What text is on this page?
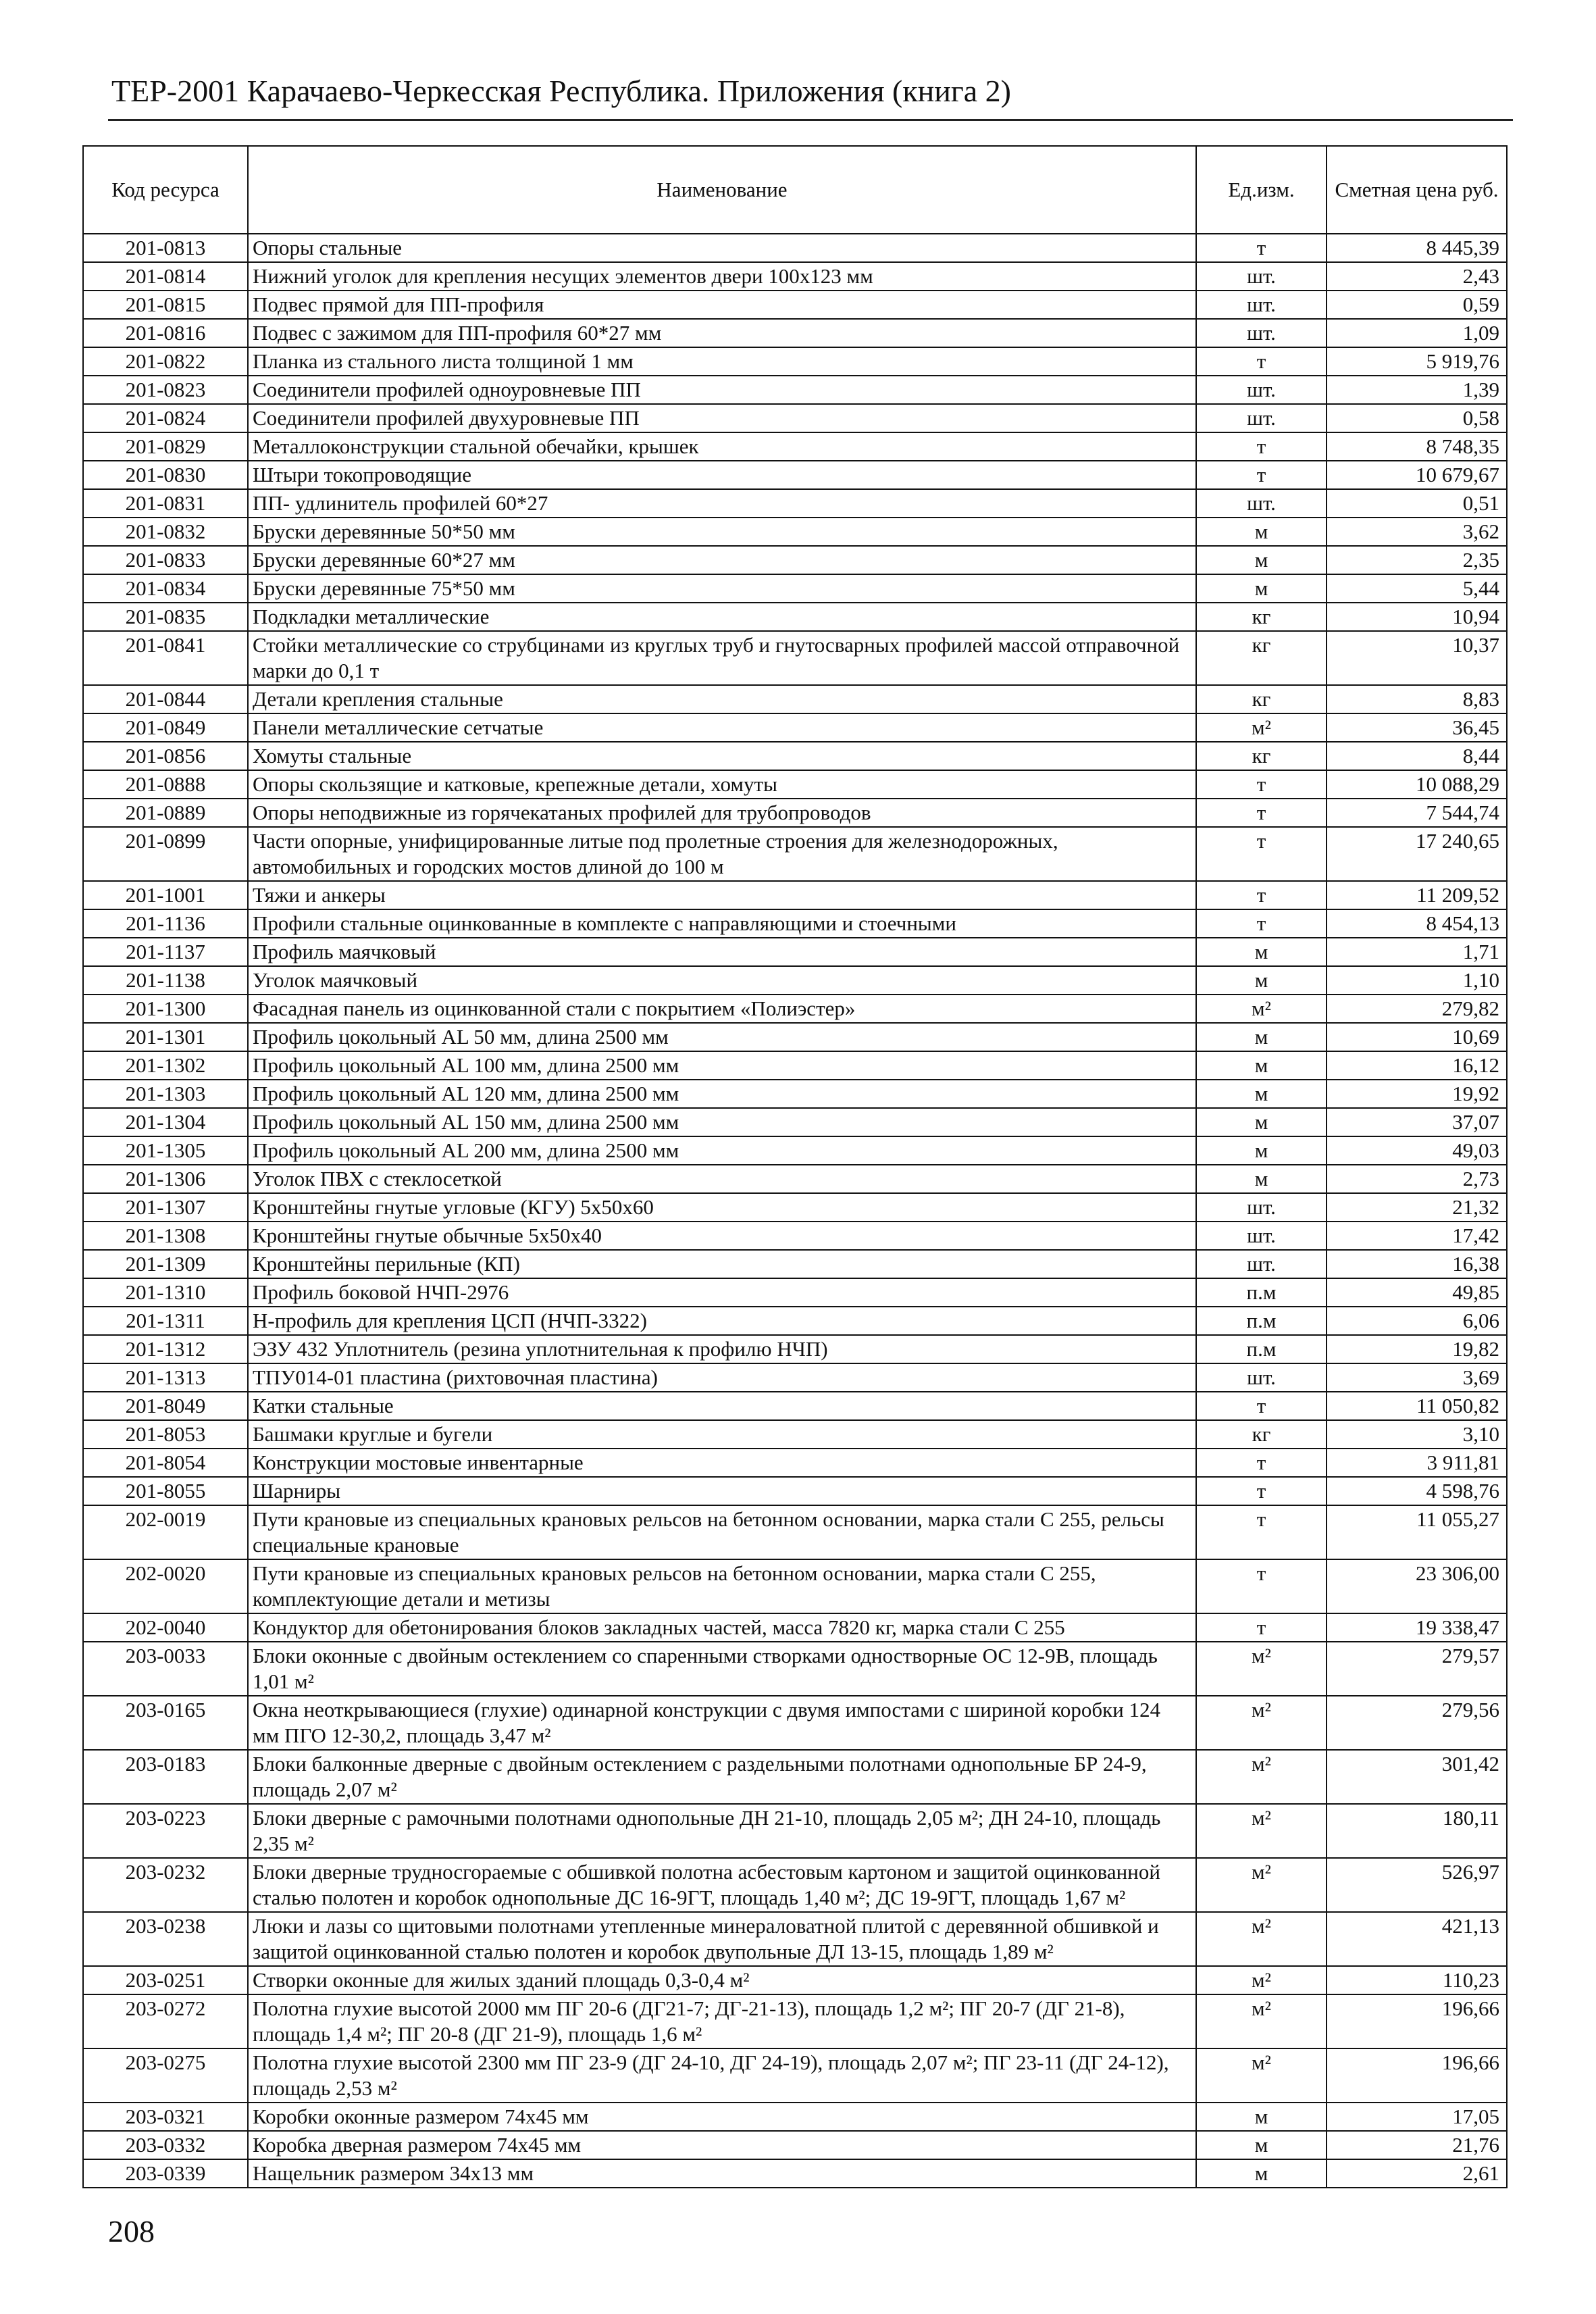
ТЕР-2001 Карачаево-Черкесская Республика. Приложения (книга 2)
Код ресурса	Наименование	Ед.изм.	Сметная цена руб.
201-0813	Опоры стальные	т	8 445,39
201-0814	Нижний уголок для крепления несущих элементов двери 100x123 мм	шт.	2,43
201-0815	Подвес прямой для ПП-профиля	шт.	0,59
201-0816	Подвес с зажимом для ПП-профиля 60*27 мм	шт.	1,09
201-0822	Планка из стального листа толщиной 1 мм	т	5 919,76
201-0823	Соединители профилей одноуровневые ПП	шт.	1,39
201-0824	Соединители профилей двухуровневые ПП	шт.	0,58
201-0829	Металлоконструкции стальной обечайки, крышек	т	8 748,35
201-0830	Штыри токопроводящие	т	10 679,67
201-0831	ПП- удлинитель профилей 60*27	шт.	0,51
201-0832	Бруски деревянные 50*50 мм	м	3,62
201-0833	Бруски деревянные 60*27 мм	м	2,35
201-0834	Бруски деревянные 75*50 мм	м	5,44
201-0835	Подкладки металлические	кг	10,94
201-0841	Стойки металлические со струбцинами из круглых труб и гнутосварных профилей массой отправочной марки до 0,1 т	кг	10,37
201-0844	Детали крепления стальные	кг	8,83
201-0849	Панели металлические сетчатые	м²	36,45
201-0856	Хомуты стальные	кг	8,44
201-0888	Опоры скользящие и катковые, крепежные детали, хомуты	т	10 088,29
201-0889	Опоры неподвижные из горячекатаных профилей для трубопроводов	т	7 544,74
201-0899	Части опорные, унифицированные литые под пролетные строения для железнодорожных, автомобильных и городских мостов длиной до 100 м	т	17 240,65
201-1001	Тяжи и анкеры	т	11 209,52
201-1136	Профили стальные оцинкованные в комплекте с направляющими и стоечными	т	8 454,13
201-1137	Профиль маячковый	м	1,71
201-1138	Уголок маячковый	м	1,10
201-1300	Фасадная панель из оцинкованной стали с покрытием «Полиэстер»	м²	279,82
201-1301	Профиль цокольный AL 50 мм, длина 2500 мм	м	10,69
201-1302	Профиль цокольный AL 100 мм, длина 2500 мм	м	16,12
201-1303	Профиль цокольный AL 120 мм, длина 2500 мм	м	19,92
201-1304	Профиль цокольный AL 150 мм, длина 2500 мм	м	37,07
201-1305	Профиль цокольный AL 200 мм, длина 2500 мм	м	49,03
201-1306	Уголок ПВХ с стеклосеткой	м	2,73
201-1307	Кронштейны гнутые угловые (КГУ) 5x50x60	шт.	21,32
201-1308	Кронштейны гнутые обычные 5x50x40	шт.	17,42
201-1309	Кронштейны перильные (КП)	шт.	16,38
201-1310	Профиль боковой НЧП-2976	п.м	49,85
201-1311	Н-профиль для крепления ЦСП (НЧП-3322)	п.м	6,06
201-1312	ЭЗУ 432 Уплотнитель (резина уплотнительная к профилю НЧП)	п.м	19,82
201-1313	ТПУ014-01 пластина (рихтовочная пластина)	шт.	3,69
201-8049	Катки стальные	т	11 050,82
201-8053	Башмаки круглые и бугели	кг	3,10
201-8054	Конструкции мостовые инвентарные	т	3 911,81
201-8055	Шарниры	т	4 598,76
202-0019	Пути крановые из специальных крановых рельсов на бетонном основании, марка стали С 255, рельсы специальные крановые	т	11 055,27
202-0020	Пути крановые из специальных крановых рельсов на бетонном основании, марка стали С 255, комплектующие детали и метизы	т	23 306,00
202-0040	Кондуктор для обетонирования блоков закладных частей, масса 7820 кг, марка стали С 255	т	19 338,47
203-0033	Блоки оконные с двойным остеклением со спаренными створками одностворные ОС 12-9В, площадь 1,01 м²	м²	279,57
203-0165	Окна неоткрывающиеся (глухие) одинарной конструкции с двумя импостами с шириной коробки 124 мм ПГО 12-30,2, площадь 3,47 м²	м²	279,56
203-0183	Блоки балконные дверные с двойным остеклением с раздельными полотнами однопольные БР 24-9, площадь 2,07 м²	м²	301,42
203-0223	Блоки дверные с рамочными полотнами однопольные ДН 21-10, площадь 2,05 м²; ДН 24-10, площадь 2,35 м²	м²	180,11
203-0232	Блоки дверные трудносгораемые с обшивкой полотна асбестовым картоном и защитой оцинкованной сталью полотен и коробок однопольные ДС 16-9ГТ, площадь 1,40 м²; ДС 19-9ГТ, площадь 1,67 м²	м²	526,97
203-0238	Люки и лазы со щитовыми полотнами утепленные минераловатной плитой с деревянной обшивкой и защитой оцинкованной сталью полотен и коробок двупольные ДЛ 13-15, площадь 1,89 м²	м²	421,13
203-0251	Створки оконные для жилых зданий площадь 0,3-0,4 м²	м²	110,23
203-0272	Полотна глухие высотой 2000 мм ПГ 20-6 (ДГ21-7; ДГ-21-13), площадь 1,2 м²; ПГ 20-7 (ДГ 21-8), площадь 1,4 м²; ПГ 20-8 (ДГ 21-9), площадь 1,6 м²	м²	196,66
203-0275	Полотна глухие высотой 2300 мм ПГ 23-9 (ДГ 24-10, ДГ 24-19), площадь 2,07 м²; ПГ 23-11 (ДГ 24-12), площадь 2,53 м²	м²	196,66
203-0321	Коробки оконные размером 74x45 мм	м	17,05
203-0332	Коробка дверная размером 74x45 мм	м	21,76
203-0339	Нащельник размером 34x13 мм	м	2,61
208
